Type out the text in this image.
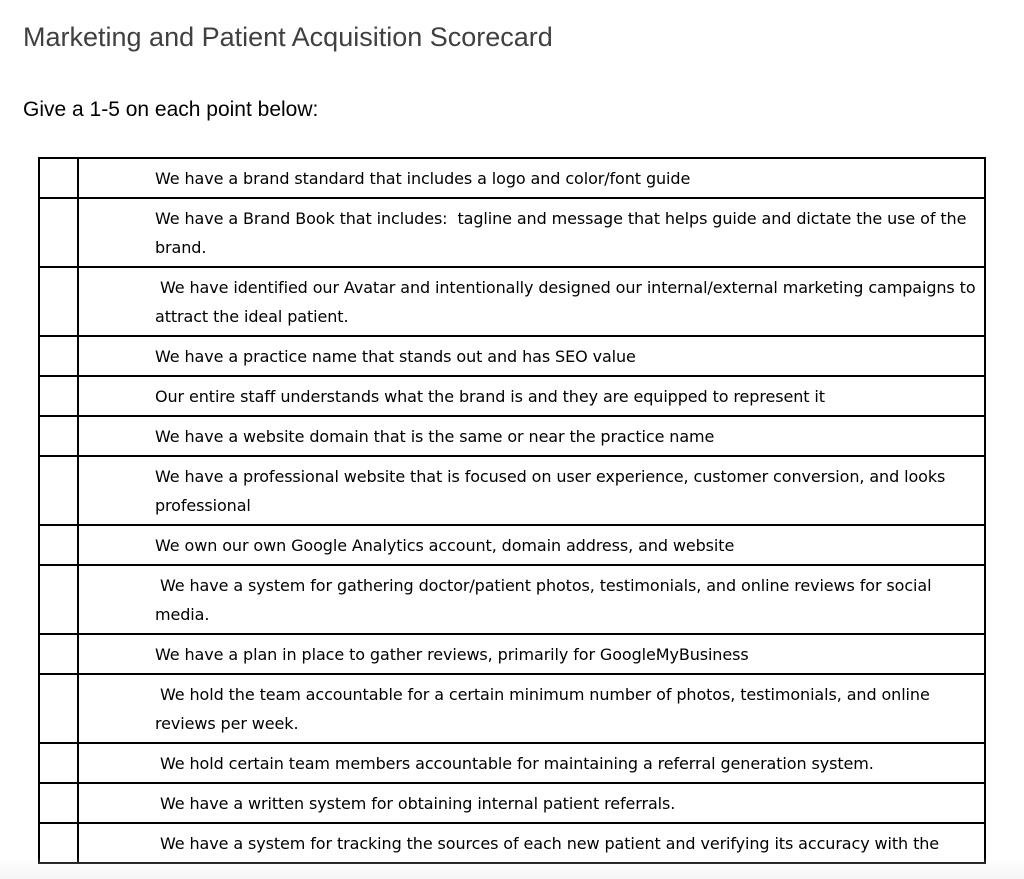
Marketing and Patient Acquisition Scorecard
Give a 1-5 on each point below:
	We have a brand standard that includes a logo and color/font guide
	We have a Brand Book that includes:  tagline and message that helps guide and dictate the use of the brand.
	We have identified our Avatar and intentionally designed our internal/external marketing campaigns to attract the ideal patient.
	We have a practice name that stands out and has SEO value
	Our entire staff understands what the brand is and they are equipped to represent it
	We have a website domain that is the same or near the practice name
	We have a professional website that is focused on user experience, customer conversion, and looks professional
	We own our own Google Analytics account, domain address, and website
	We have a system for gathering doctor/patient photos, testimonials, and online reviews for social media.
	We have a plan in place to gather reviews, primarily for GoogleMyBusiness
	We hold the team accountable for a certain minimum number of photos, testimonials, and online reviews per week.
	We hold certain team members accountable for maintaining a referral generation system.
	We have a written system for obtaining internal patient referrals.
	We have a system for tracking the sources of each new patient and verifying its accuracy with the
